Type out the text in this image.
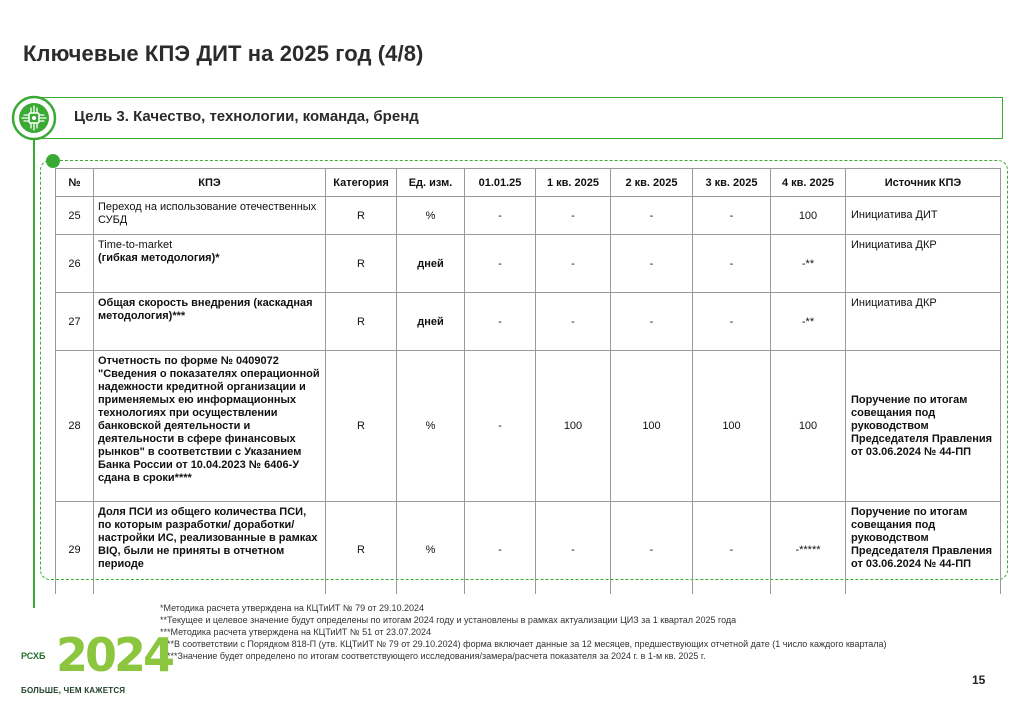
Ключевые КПЭ ДИТ на 2025 год (4/8)
Цель 3. Качество, технологии, команда, бренд
№	КПЭ	Категория	Ед. изм.	01.01.25	1 кв. 2025	2 кв. 2025	3 кв. 2025	4 кв. 2025	Источник КПЭ
25	Переход на использование отечественных СУБД	R	%	-	-	-	-	100	Инициатива ДИТ
26	Time-to-market
(гибкая методология)*	R	дней	-	-	-	-	-**	Инициатива ДКР
27	Общая скорость внедрения (каскадная методология)***	R	дней	-	-	-	-	-**	Инициатива ДКР
28	Отчетность по форме № 0409072 "Сведения о показателях операционной надежности кредитной организации и применяемых ею информационных технологиях при осуществлении банковской деятельности и деятельности в сфере финансовых рынков" в соответствии с Указанием Банка России от 10.04.2023 № 6406-У сдана в сроки****	R	%	-	100	100	100	100	Поручение по итогам совещания под руководством Председателя Правления от 03.06.2024 № 44-ПП
29	Доля ПСИ из общего количества ПСИ, по которым разработки/ доработки/ настройки ИС, реализованные в рамках BIQ, были не приняты в отчетном периоде	R	%	-	-	-	-	-*****	Поручение по итогам совещания под руководством Председателя Правления от 03.06.2024 № 44-ПП
*Методика расчета утверждена на КЦТиИТ № 79 от 29.10.2024
**Текущее и целевое значение будут определены по итогам 2024 году и установлены в рамках актуализации ЦИЗ за 1 квартал 2025 года
***Методика расчета утверждена на КЦТиИТ № 51 от 23.07.2024
****В соответствии с Порядком 818-П (утв. КЦТиИТ № 79 от 29.10.2024) форма включает данные за 12 месяцев, предшествующих отчетной дате (1 число каждого квартала)
*****Значение будет определено по итогам соответствующего исследования/замера/расчета показателя за 2024 г. в 1-м кв. 2025 г.
РСХБ 2024
БОЛЬШЕ, ЧЕМ КАЖЕТСЯ
15
